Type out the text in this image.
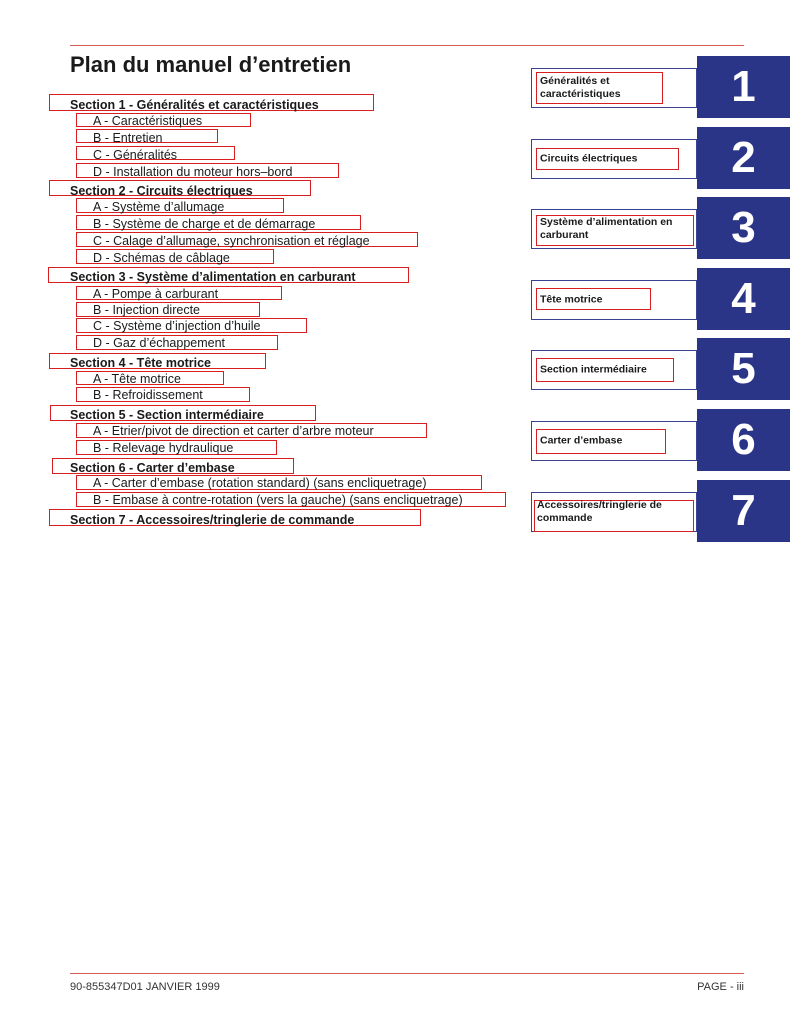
Plan du manuel d’entretien
Section 1 - Généralités et caractéristiques
A - Caractéristiques
B - Entretien
C - Généralités
D - Installation du moteur hors–bord
Section 2 - Circuits électriques
A - Système d’allumage
B - Système de charge et de démarrage
C - Calage d’allumage, synchronisation et réglage
D - Schémas de câblage
Section 3 - Système d’alimentation en carburant
A - Pompe à carburant
B - Injection directe
C - Système d’injection d’huile
D - Gaz d’échappement
Section 4 - Tête motrice
A - Tête motrice
B - Refroidissement
Section 5 - Section intermédiaire
A - Etrier/pivot de direction et carter d’arbre moteur
B - Relevage hydraulique
Section 6 - Carter d’embase
A - Carter d’embase (rotation standard) (sans encliquetrage)
B - Embase à contre-rotation (vers la gauche) (sans encliquetrage)
Section 7 - Accessoires/tringlerie de commande
Généralités et caractéristiques	1
Circuits électriques	2
Système d’alimentation en carburant	3
Tête motrice	4
Section intermédiaire	5
Carter d’embase	6
Accessoires/tringlerie de commande	7
90-855347D01 JANVIER 1999	PAGE - iii
